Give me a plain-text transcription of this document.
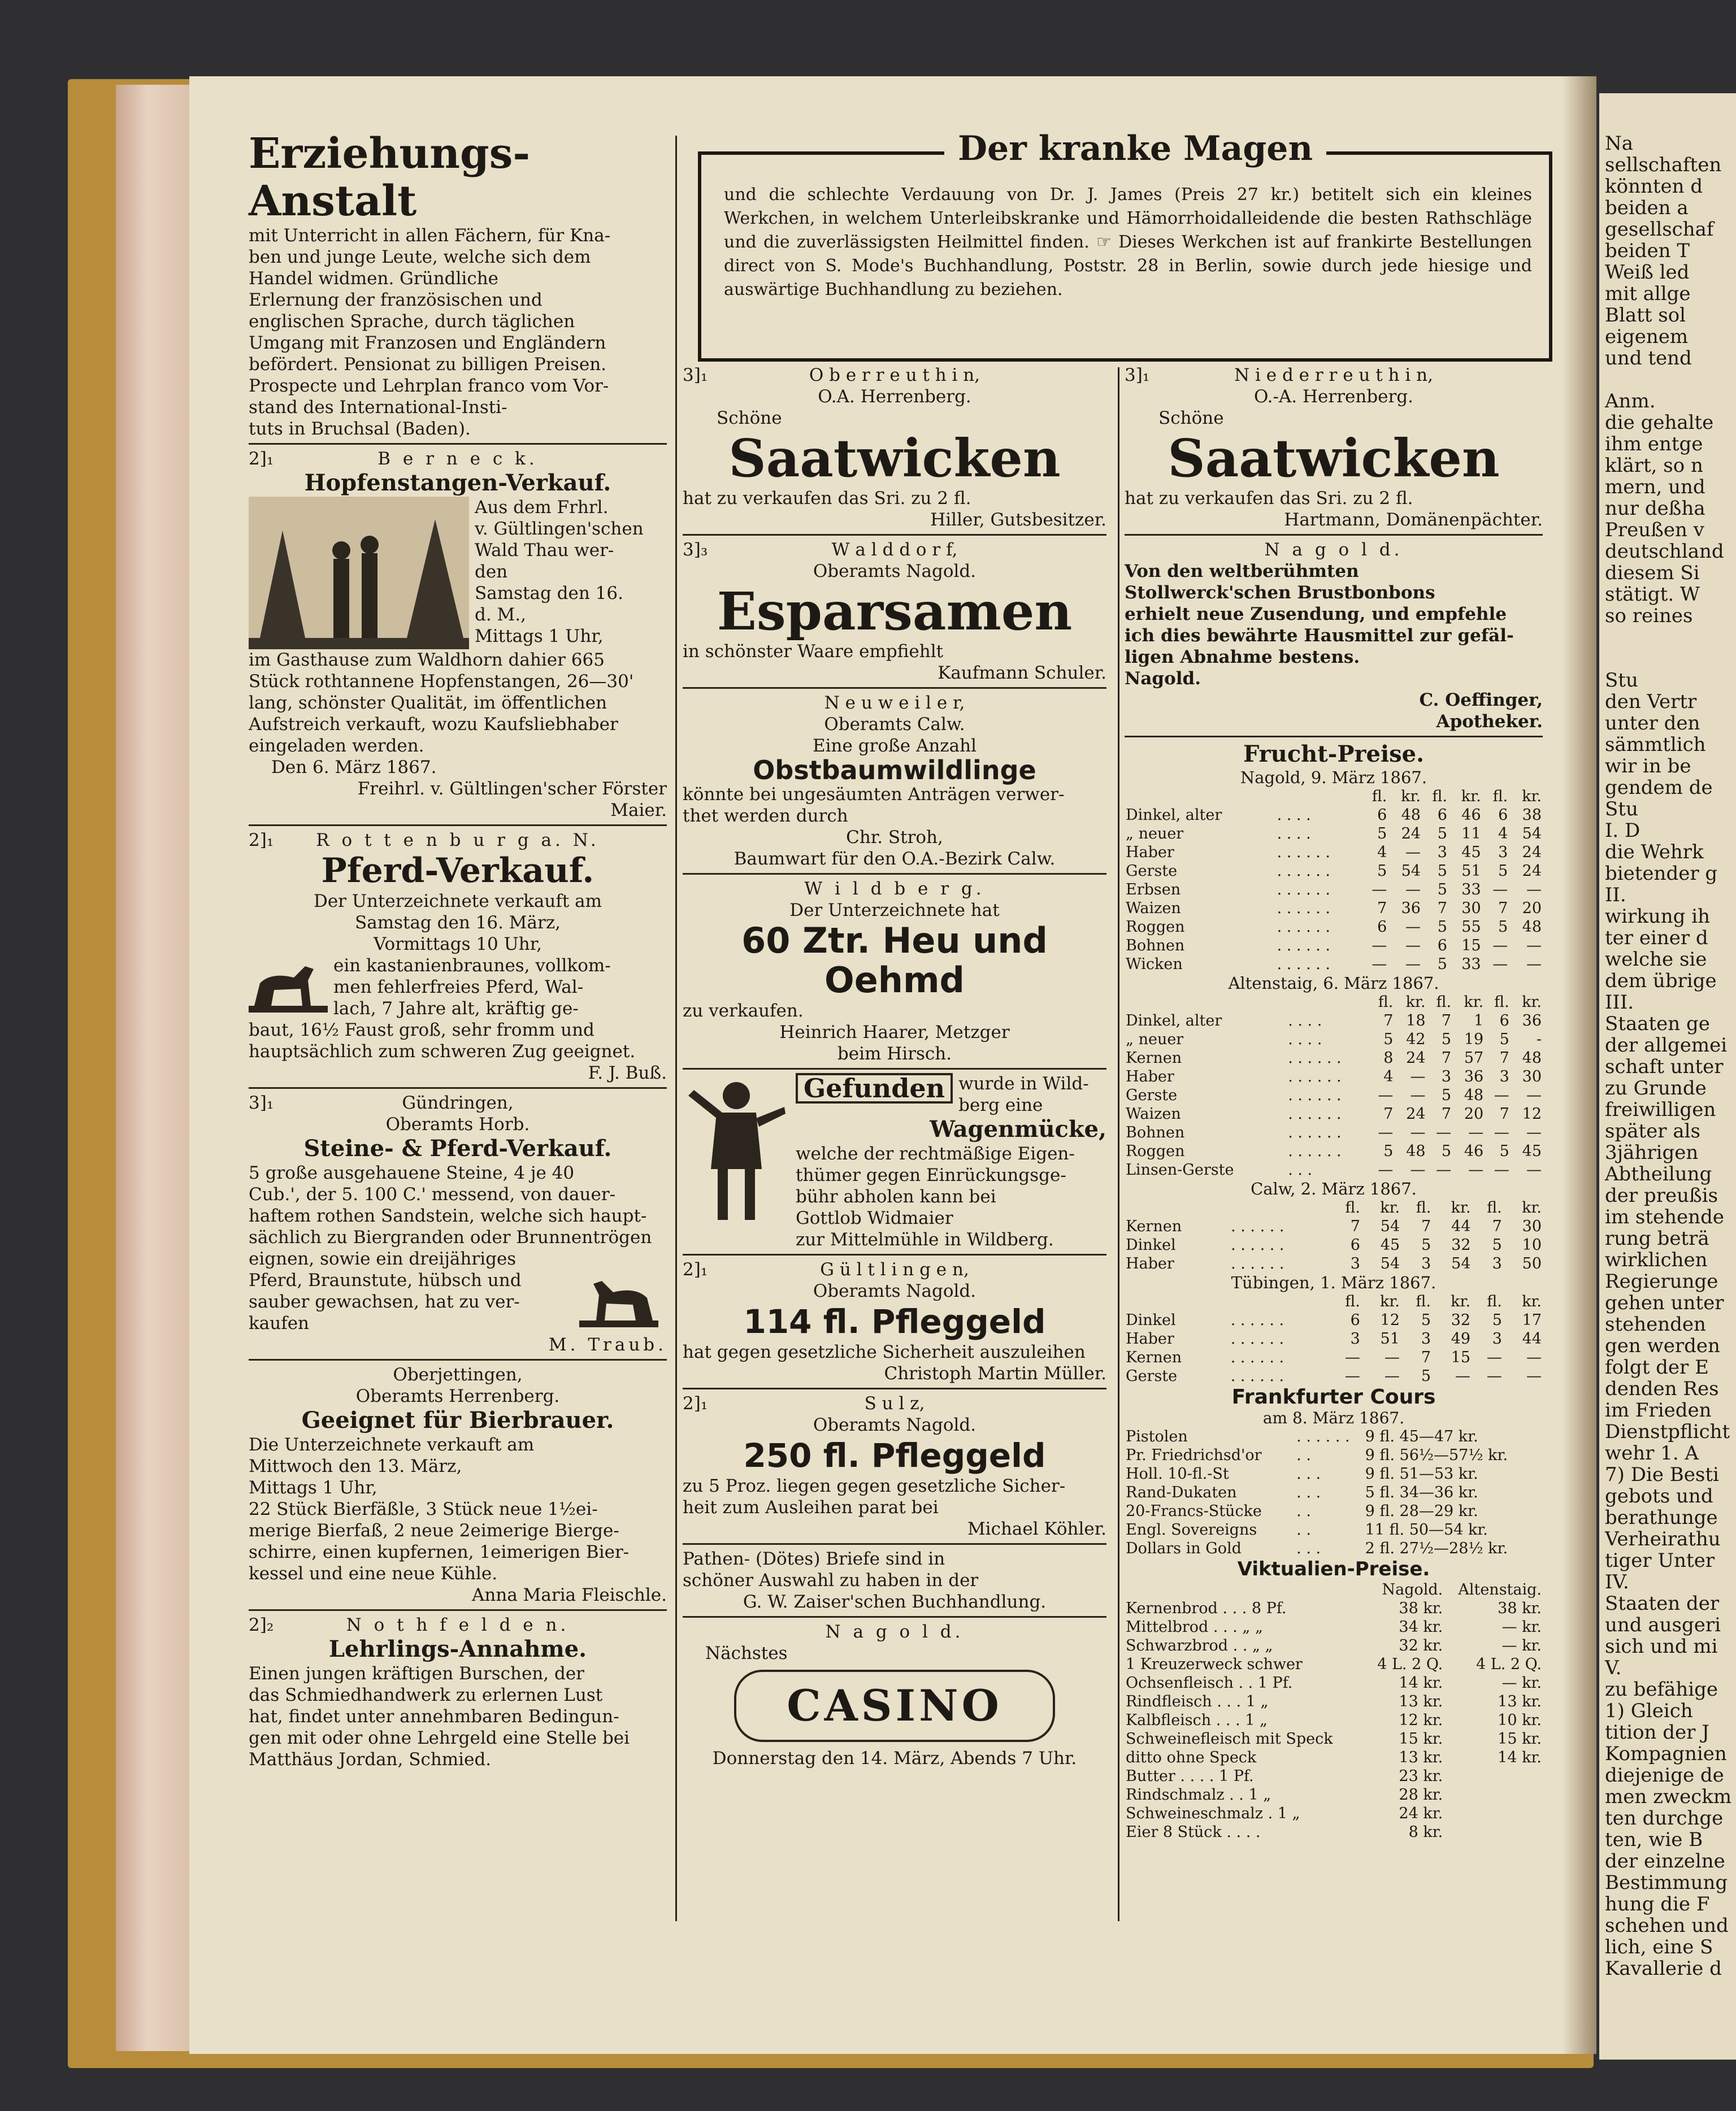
Na
sellschaften
könnten d
beiden a
gesellschaf
beiden T
Weiß led
mit allge
Blatt sol
eigenem
und tend
Anm.
die gehalte
ihm entge
klärt, so n
mern, und
nur deßha
Preußen v
deutschland
diesem Si
stätigt. W
so reines
Stu
den Vertr
unter den
sämmtlich
wir in be
gendem de
Stu
I. D
die Wehrk
bietender g
II.
wirkung ih
ter einer d
welche sie
dem übrige
III.
Staaten ge
der allgemei
schaft unter
zu Grunde
freiwilligen
später als
3jährigen
Abtheilung
der preußis
im stehende
rung beträ
wirklichen
Regierunge
gehen unter
stehenden
gen werden
folgt der E
denden Res
im Frieden
Dienstpflicht
wehr 1. A
7) Die Besti
gebots und
berathunge
Verheirathu
tiger Unter
IV.
Staaten der
und ausgeri
sich und mi
V.
zu befähige
1) Gleich
tition der J
Kompagnien
diejenige de
men zweckm
ten durchge
ten, wie B
der einzelne
Bestimmung
hung die F
schehen und
lich, eine S
Kavallerie d
Erziehungs-Anstalt
mit Unterricht in allen Fächern, für Kna-
ben und junge Leute, welche sich dem
Handel widmen. Gründliche
Erlernung der französischen und
englischen Sprache, durch täglichen
Umgang mit Franzosen und Engländern
befördert. Pensionat zu billigen Preisen.
Prospecte und Lehrplan franco vom Vor-
stand des International-Insti-
tuts in Bruchsal (Baden).
2]₁	B e r n e c k.
Hopfenstangen-Verkauf.
Aus dem Frhrl.
v. Gültlingen'schen
Wald Thau wer-
den
Samstag den 16.
d. M.,
Mittags 1 Uhr,
im Gasthause zum Waldhorn dahier 665
Stück rothtannene Hopfenstangen, 26—30'
lang, schönster Qualität, im öffentlichen
Aufstreich verkauft, wozu Kaufsliebhaber
eingeladen werden.
Den 6. März 1867.
Freihrl. v. Gültlingen'scher Förster
Maier.
2]₁	R o t t e n b u r g a. N.
Pferd-Verkauf.
Der Unterzeichnete verkauft am
Samstag den 16. März,
Vormittags 10 Uhr,
ein kastanienbraunes, vollkom-
men fehlerfreies Pferd, Wal-
lach, 7 Jahre alt, kräftig ge-
baut, 16½ Faust groß, sehr fromm und
hauptsächlich zum schweren Zug geeignet.
F. J. Buß.
3]₁	Gündringen,
Oberamts Horb.
Steine- & Pferd-Verkauf.
5 große ausgehauene Steine, 4 je 40
Cub.', der 5. 100 C.' messend, von dauer-
haftem rothen Sandstein, welche sich haupt-
sächlich zu Biergranden oder Brunnentrögen
eignen, sowie ein dreijähriges
Pferd, Braunstute, hübsch und
sauber gewachsen, hat zu ver-
kaufen
M. Traub.
Oberjettingen,
Oberamts Herrenberg.
Geeignet für Bierbrauer.
Die Unterzeichnete verkauft am
Mittwoch den 13. März,
Mittags 1 Uhr,
22 Stück Bierfäßle, 3 Stück neue 1½ei-
merige Bierfaß, 2 neue 2eimerige Bierge-
schirre, einen kupfernen, 1eimerigen Bier-
kessel und eine neue Kühle.
Anna Maria Fleischle.
2]₂	N o t h f e l d e n.
Lehrlings-Annahme.
Einen jungen kräftigen Burschen, der
das Schmiedhandwerk zu erlernen Lust
hat, findet unter annehmbaren Bedingun-
gen mit oder ohne Lehrgeld eine Stelle bei
Matthäus Jordan, Schmied.
Der kranke Magen
und die schlechte Verdauung von Dr. J. James (Preis 27 kr.) betitelt sich ein kleines Werkchen, in welchem Unterleibskranke und Hämorrhoidalleidende die besten Rathschläge und die zuverlässigsten Heilmittel finden. ☞ Dieses Werkchen ist auf frankirte Bestellungen direct von S. Mode's Buchhandlung, Poststr. 28 in Berlin, sowie durch jede hiesige und auswärtige Buchhandlung zu beziehen.
3]₁	O b e r r e u t h i n,
O.A. Herrenberg.
Schöne
Saatwicken
hat zu verkaufen das Sri. zu 2 fl.
Hiller, Gutsbesitzer.
3]₃	W a l d d o r f,
Oberamts Nagold.
Esparsamen
in schönster Waare empfiehlt
Kaufmann Schuler.
N e u w e i l e r,
Oberamts Calw.
Eine große Anzahl
Obstbaumwildlinge
könnte bei ungesäumten Anträgen verwer-
thet werden durch
Chr. Stroh,
Baumwart für den O.A.-Bezirk Calw.
W i l d b e r g.
Der Unterzeichnete hat
60 Ztr. Heu und
Oehmd
zu verkaufen.
Heinrich Haarer, Metzger
beim Hirsch.
Gefunden wurde in Wild-
berg eine
Wagenmücke,
welche der rechtmäßige Eigen-
thümer gegen Einrückungsge-
bühr abholen kann bei
Gottlob Widmaier
zur Mittelmühle in Wildberg.
2]₁	G ü l t l i n g e n,
Oberamts Nagold.
114 fl. Pfleggeld
hat gegen gesetzliche Sicherheit auszuleihen
Christoph Martin Müller.
2]₁	S u l z,
Oberamts Nagold.
250 fl. Pfleggeld
zu 5 Proz. liegen gegen gesetzliche Sicher-
heit zum Ausleihen parat bei
Michael Köhler.
Pathen- (Dötes) Briefe sind in
schöner Auswahl zu haben in der
G. W. Zaiser'schen Buchhandlung.
N a g o l d.
Nächstes
CASINO
Donnerstag den 14. März, Abends 7 Uhr.
3]₁	N i e d e r r e u t h i n,
O.-A. Herrenberg.
Schöne
Saatwicken
hat zu verkaufen das Sri. zu 2 fl.
Hartmann, Domänenpächter.
N a g o l d.
Von den weltberühmten
Stollwerck'schen Brustbonbons
erhielt neue Zusendung, und empfehle
ich dies bewährte Hausmittel zur gefäl-
ligen Abnahme bestens.
Nagold.
C. Oeffinger,
Apotheker.
Frucht-Preise.
Nagold, 9. März 1867.
		fl.	kr.	fl.	kr.	fl.	kr.
Dinkel, alter	. . . .	6	48	6	46	6	38
„ neuer	. . . .	5	24	5	11	4	54
Haber	. . . . . .	4	—	3	45	3	24
Gerste	. . . . . .	5	54	5	51	5	24
Erbsen	. . . . . .	—	—	5	33	—	—
Waizen	. . . . . .	7	36	7	30	7	20
Roggen	. . . . . .	6	—	5	55	5	48
Bohnen	. . . . . .	—	—	6	15	—	—
Wicken	. . . . . .	—	—	5	33	—	—
Altenstaig, 6. März 1867.
		fl.	kr.	fl.	kr.	fl.	kr.
Dinkel, alter	. . . .	7	18	7	1	6	36
„ neuer	. . . .	5	42	5	19	5	-
Kernen	. . . . . .	8	24	7	57	7	48
Haber	. . . . . .	4	—	3	36	3	30
Gerste	. . . . . .	—	—	5	48	—	—
Waizen	. . . . . .	7	24	7	20	7	12
Bohnen	. . . . . .	—	—	—	—	—	—
Roggen	. . . . . .	5	48	5	46	5	45
Linsen-Gerste	. . .	—	—	—	—	—	—
Calw, 2. März 1867.
		fl.	kr.	fl.	kr.	fl.	kr.
Kernen	. . . . . .	7	54	7	44	7	30
Dinkel	. . . . . .	6	45	5	32	5	10
Haber	. . . . . .	3	54	3	54	3	50
Tübingen, 1. März 1867.
		fl.	kr.	fl.	kr.	fl.	kr.
Dinkel	. . . . . .	6	12	5	32	5	17
Haber	. . . . . .	3	51	3	49	3	44
Kernen	. . . . . .	—	—	7	15	—	—
Gerste	. . . . . .	—	—	5	—	—	—
Frankfurter Cours
am 8. März 1867.
Pistolen	. . . . . .	9 fl. 45—47 kr.
Pr. Friedrichsd'or	. .	9 fl. 56½—57½ kr.
Holl. 10-fl.-St	. . .	9 fl. 51—53 kr.
Rand-Dukaten	. . .	5 fl. 34—36 kr.
20-Francs-Stücke	. .	9 fl. 28—29 kr.
Engl. Sovereigns	. .	11 fl. 50—54 kr.
Dollars in Gold	. . .	2 fl. 27½—28½ kr.
Viktualien-Preise.
	Nagold.	Altenstaig.
Kernenbrod . . . 8 Pf.	38 kr.	38 kr.
Mittelbrod . . . „ „	34 kr.	— kr.
Schwarzbrod . . „ „	32 kr.	— kr.
1 Kreuzerweck schwer	4 L. 2 Q.	4 L. 2 Q.
Ochsenfleisch . . 1 Pf.	14 kr.	— kr.
Rindfleisch . . . 1 „	13 kr.	13 kr.
Kalbfleisch . . . 1 „	12 kr.	10 kr.
Schweinefleisch mit Speck	15 kr.	15 kr.
ditto ohne Speck	13 kr.	14 kr.
Butter . . . . 1 Pf.	23 kr.	
Rindschmalz . . 1 „	28 kr.	
Schweineschmalz . 1 „	24 kr.	
Eier 8 Stück . . . .	8 kr.	
